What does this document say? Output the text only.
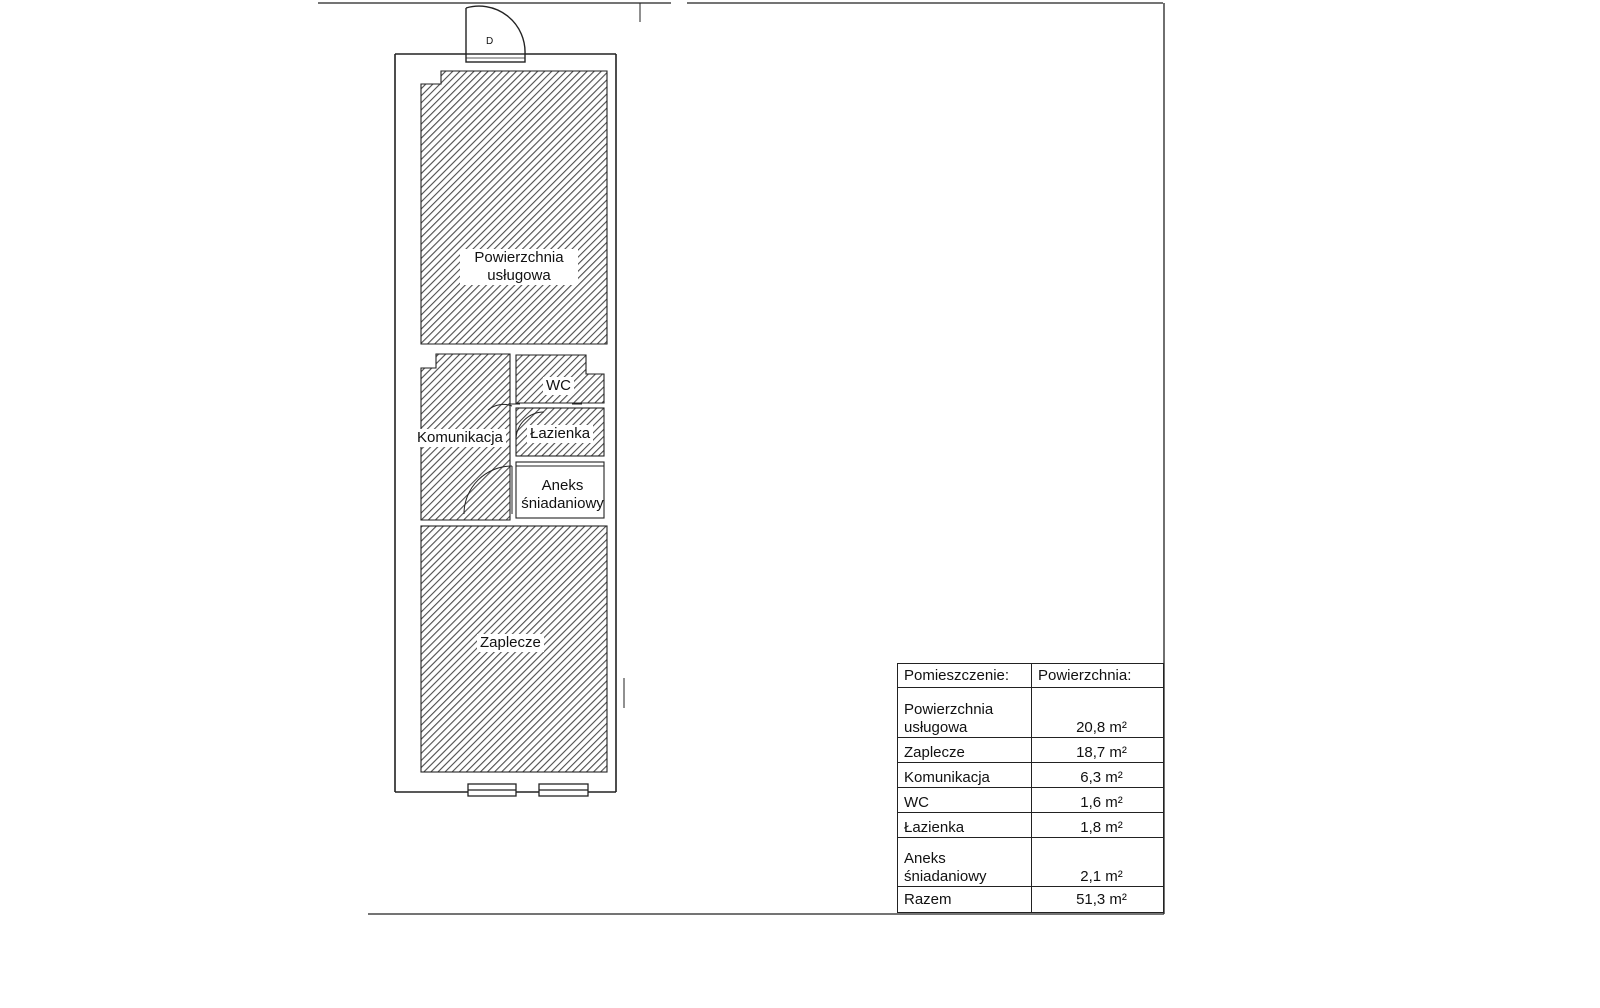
D
Powierzchnia
usługowa
WC
Łazienka
Komunikacja
Aneks
śniadaniowy
Zaplecze
Pomieszczenie:	Powierzchnia:

Powierzchnia
usługowa	20,8 m²
Zaplecze	18,7 m²
Komunikacja	6,3 m²
WC	1,6 m²
Łazienka	1,8 m²

Aneks
śniadaniowy	2,1 m²
Razem	51,3 m²
